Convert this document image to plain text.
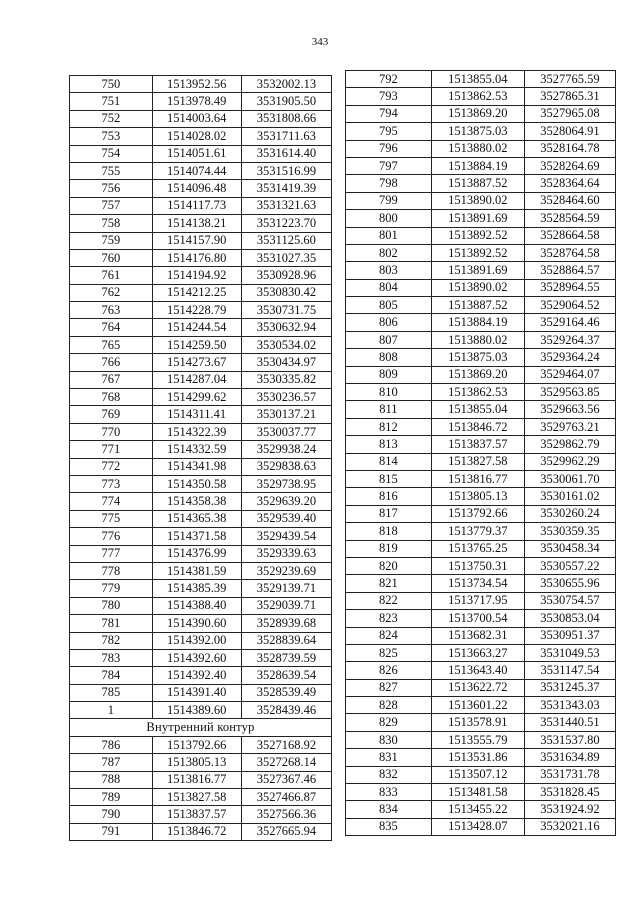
343
750	1513952.56	3532002.13
751	1513978.49	3531905.50
752	1514003.64	3531808.66
753	1514028.02	3531711.63
754	1514051.61	3531614.40
755	1514074.44	3531516.99
756	1514096.48	3531419.39
757	1514117.73	3531321.63
758	1514138.21	3531223.70
759	1514157.90	3531125.60
760	1514176.80	3531027.35
761	1514194.92	3530928.96
762	1514212.25	3530830.42
763	1514228.79	3530731.75
764	1514244.54	3530632.94
765	1514259.50	3530534.02
766	1514273.67	3530434.97
767	1514287.04	3530335.82
768	1514299.62	3530236.57
769	1514311.41	3530137.21
770	1514322.39	3530037.77
771	1514332.59	3529938.24
772	1514341.98	3529838.63
773	1514350.58	3529738.95
774	1514358.38	3529639.20
775	1514365.38	3529539.40
776	1514371.58	3529439.54
777	1514376.99	3529339.63
778	1514381.59	3529239.69
779	1514385.39	3529139.71
780	1514388.40	3529039.71
781	1514390.60	3528939.68
782	1514392.00	3528839.64
783	1514392.60	3528739.59
784	1514392.40	3528639.54
785	1514391.40	3528539.49
1	1514389.60	3528439.46
Внутренний контур		
786	1513792.66	3527168.92
787	1513805.13	3527268.14
788	1513816.77	3527367.46
789	1513827.58	3527466.87
790	1513837.57	3527566.36
791	1513846.72	3527665.94
792	1513855.04	3527765.59
793	1513862.53	3527865.31
794	1513869.20	3527965.08
795	1513875.03	3528064.91
796	1513880.02	3528164.78
797	1513884.19	3528264.69
798	1513887.52	3528364.64
799	1513890.02	3528464.60
800	1513891.69	3528564.59
801	1513892.52	3528664.58
802	1513892.52	3528764.58
803	1513891.69	3528864.57
804	1513890.02	3528964.55
805	1513887.52	3529064.52
806	1513884.19	3529164.46
807	1513880.02	3529264.37
808	1513875.03	3529364.24
809	1513869.20	3529464.07
810	1513862.53	3529563.85
811	1513855.04	3529663.56
812	1513846.72	3529763.21
813	1513837.57	3529862.79
814	1513827.58	3529962.29
815	1513816.77	3530061.70
816	1513805.13	3530161.02
817	1513792.66	3530260.24
818	1513779.37	3530359.35
819	1513765.25	3530458.34
820	1513750.31	3530557.22
821	1513734.54	3530655.96
822	1513717.95	3530754.57
823	1513700.54	3530853.04
824	1513682.31	3530951.37
825	1513663.27	3531049.53
826	1513643.40	3531147.54
827	1513622.72	3531245.37
828	1513601.22	3531343.03
829	1513578.91	3531440.51
830	1513555.79	3531537.80
831	1513531.86	3531634.89
832	1513507.12	3531731.78
833	1513481.58	3531828.45
834	1513455.22	3531924.92
835	1513428.07	3532021.16
